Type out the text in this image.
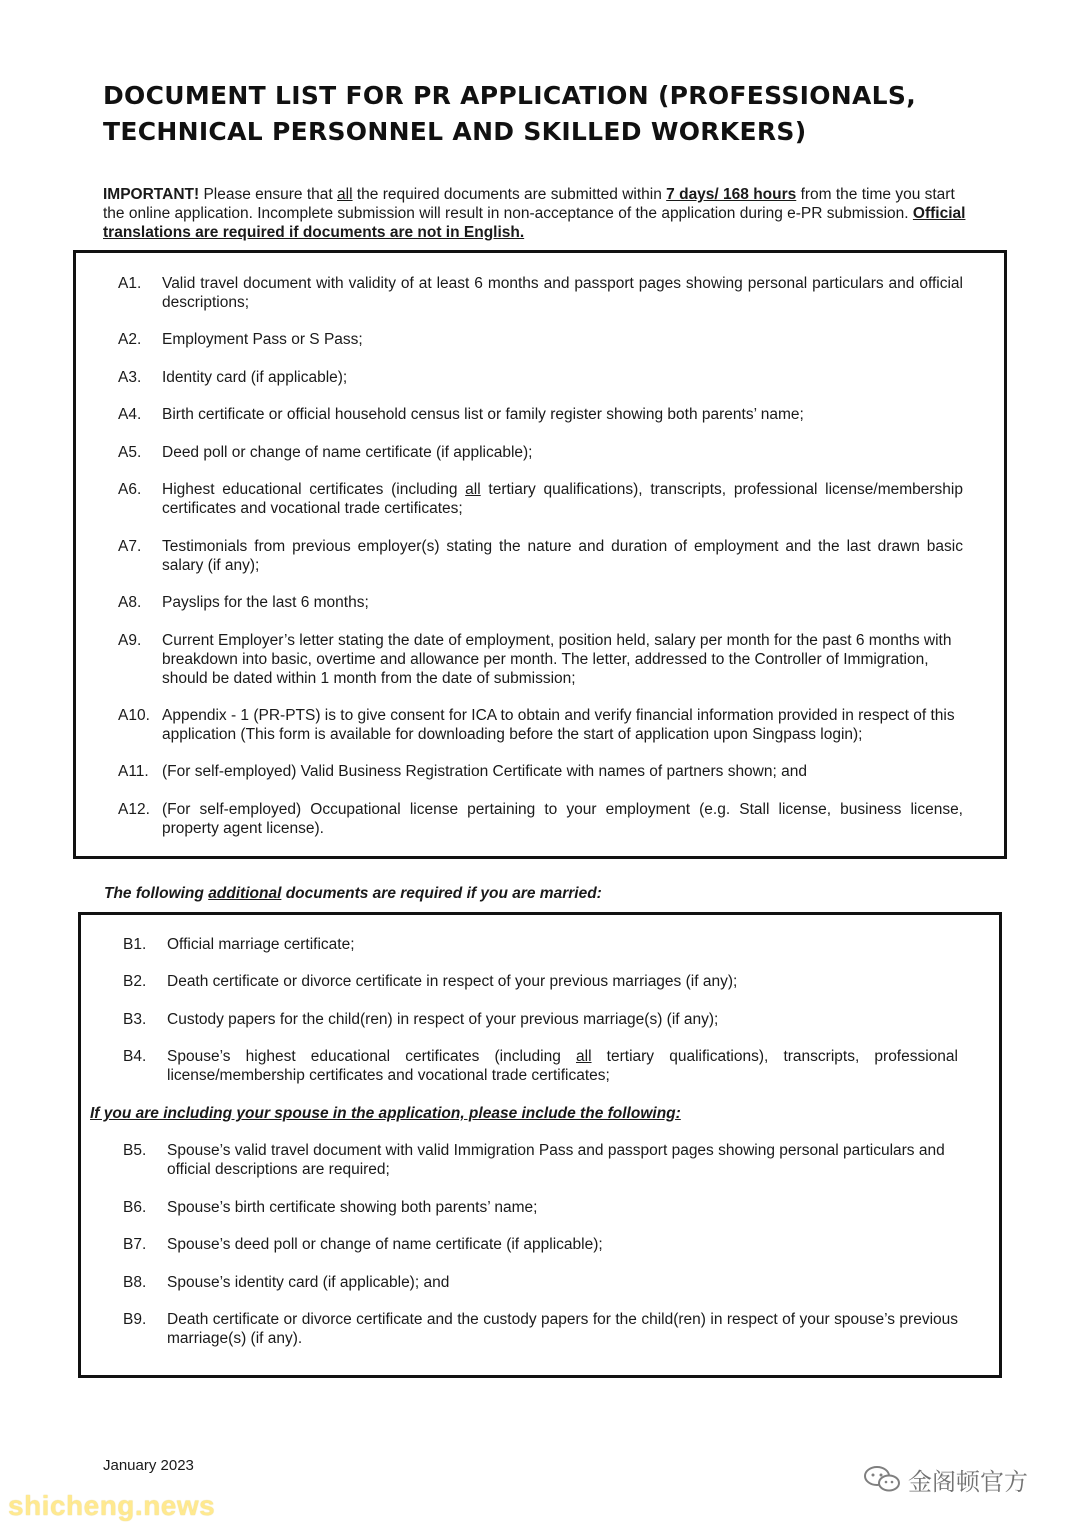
DOCUMENT LIST FOR PR APPLICATION (PROFESSIONALS,
TECHNICAL PERSONNEL AND SKILLED WORKERS)
IMPORTANT! Please ensure that all the required documents are submitted within 7 days/ 168 hours from the time you start the online application. Incomplete submission will result in non-acceptance of the application during e-PR submission. Official translations are required if documents are not in English.
A1. Valid travel document with validity of at least 6 months and passport pages showing personal particulars and official descriptions;
A2. Employment Pass or S Pass;
A3. Identity card (if applicable);
A4. Birth certificate or official household census list or family register showing both parents’ name;
A5. Deed poll or change of name certificate (if applicable);
A6. Highest educational certificates (including all tertiary qualifications), transcripts, professional license/membership certificates and vocational trade certificates;
A7. Testimonials from previous employer(s) stating the nature and duration of employment and the last drawn basic salary (if any);
A8. Payslips for the last 6 months;
A9. Current Employer’s letter stating the date of employment, position held, salary per month for the past 6 months with breakdown into basic, overtime and allowance per month. The letter, addressed to the Controller of Immigration, should be dated within 1 month from the date of submission;
A10. Appendix - 1 (PR-PTS) is to give consent for ICA to obtain and verify financial information provided in respect of this application (This form is available for downloading before the start of application upon Singpass login);
A11. (For self-employed) Valid Business Registration Certificate with names of partners shown; and
A12. (For self-employed) Occupational license pertaining to your employment (e.g. Stall license, business license, property agent license).
The following additional documents are required if you are married:
B1. Official marriage certificate;
B2. Death certificate or divorce certificate in respect of your previous marriages (if any);
B3. Custody papers for the child(ren) in respect of your previous marriage(s) (if any);
B4. Spouse’s highest educational certificates (including all tertiary qualifications), transcripts, professional license/membership certificates and vocational trade certificates;
If you are including your spouse in the application, please include the following:
B5. Spouse’s valid travel document with valid Immigration Pass and passport pages showing personal particulars and official descriptions are required;
B6. Spouse’s birth certificate showing both parents’ name;
B7. Spouse’s deed poll or change of name certificate (if applicable);
B8. Spouse’s identity card (if applicable); and
B9. Death certificate or divorce certificate and the custody papers for the child(ren) in respect of your spouse’s previous marriage(s) (if any).
January 2023
shicheng.news
金阁顿官方
